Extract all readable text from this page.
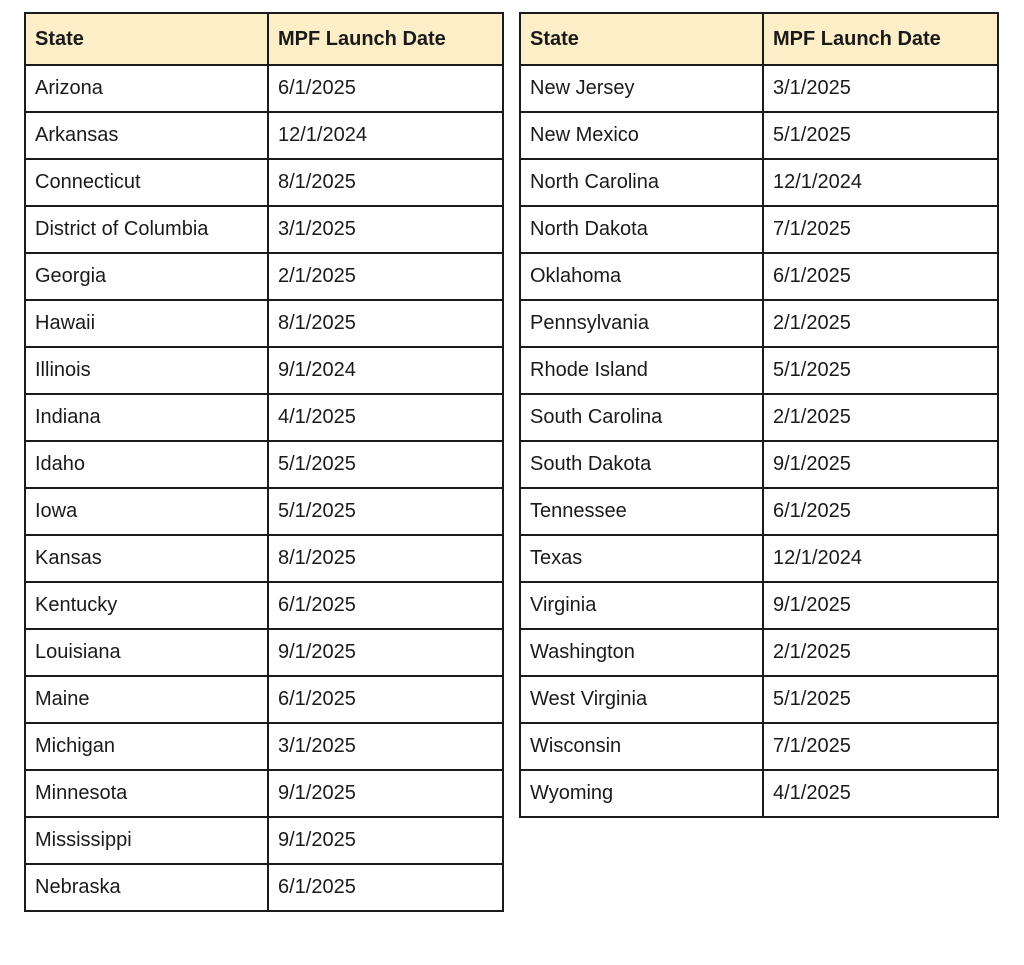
State	MPF Launch Date
Arizona	6/1/2025
Arkansas	12/1/2024
Connecticut	8/1/2025
District of Columbia	3/1/2025
Georgia	2/1/2025
Hawaii	8/1/2025
Illinois	9/1/2024
Indiana	4/1/2025
Idaho	5/1/2025
Iowa	5/1/2025
Kansas	8/1/2025
Kentucky	6/1/2025
Louisiana	9/1/2025
Maine	6/1/2025
Michigan	3/1/2025
Minnesota	9/1/2025
Mississippi	9/1/2025
Nebraska	6/1/2025
State	MPF Launch Date
New Jersey	3/1/2025
New Mexico	5/1/2025
North Carolina	12/1/2024
North Dakota	7/1/2025
Oklahoma	6/1/2025
Pennsylvania	2/1/2025
Rhode Island	5/1/2025
South Carolina	2/1/2025
South Dakota	9/1/2025
Tennessee	6/1/2025
Texas	12/1/2024
Virginia	9/1/2025
Washington	2/1/2025
West Virginia	5/1/2025
Wisconsin	7/1/2025
Wyoming	4/1/2025
